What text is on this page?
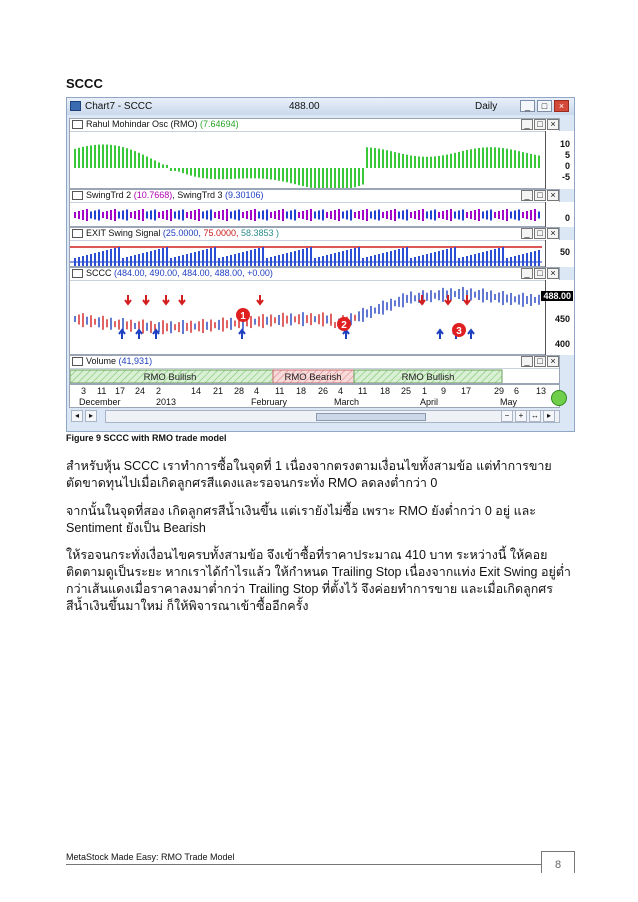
SCCC
Chart7 - SCCC	488.00	Daily	_	□	×
Rahul Mohindar Osc (RMO) (7.64694)	_ □ ×
10
5
0
-5
SwingTrd 2 (10.7668), SwingTrd 3 (9.30106)	_ □ ×
0
EXIT Swing Signal (25.0000, 75.0000, 58.3853 )	_ □ ×
50
SCCC (484.00, 490.00, 484.00, 488.00, +0.00)	_ □ ×
1
2
3
488.00
450
400
Volume (41,931)	_ □ ×
RMO Bullish	RMO Bearish	RMO Bullish
3 11 17 24 2	14 21 28 4 11 18 26 4 11 18 25 1 9 17	29 6 13
December	2013	February	March	April	May
◂	▸	−	+ ↔ ▸
Figure 9 SCCC with RMO trade model

สำหรับหุ้น SCCC เราทำการซื้อในจุดที่ 1 เนื่องจากตรงตามเงื่อนไขทั้งสามข้อ แต่ทำการขายตัดขาดทุนไปเมื่อเกิดลูกศรสีแดงและรอจนกระทั่ง RMO ลดลงต่ำกว่า 0

จากนั้นในจุดที่สอง เกิดลูกศรสีน้ำเงินขึ้น แต่เรายังไม่ซื้อ เพราะ RMO ยังต่ำกว่า 0 อยู่ และ Sentiment ยังเป็น Bearish

ให้รอจนกระทั่งเงื่อนไขครบทั้งสามข้อ จึงเข้าซื้อที่ราคาประมาณ 410 บาท ระหว่างนี้ ให้คอยติดตามดูเป็นระยะ หากเราได้กำไรแล้ว ให้กำหนด Trailing Stop เนื่องจากแท่ง Exit Swing อยู่ต่ำกว่าเส้นแดงเมื่อราคาลงมาต่ำกว่า Trailing Stop ที่ตั้งไว้ จึงค่อยทำการขาย และเมื่อเกิดลูกศรสีน้ำเงินขึ้นมาใหม่ ก็ให้พิจารณาเข้าซื้ออีกครั้ง

MetaStock Made Easy: RMO Trade Model
8
